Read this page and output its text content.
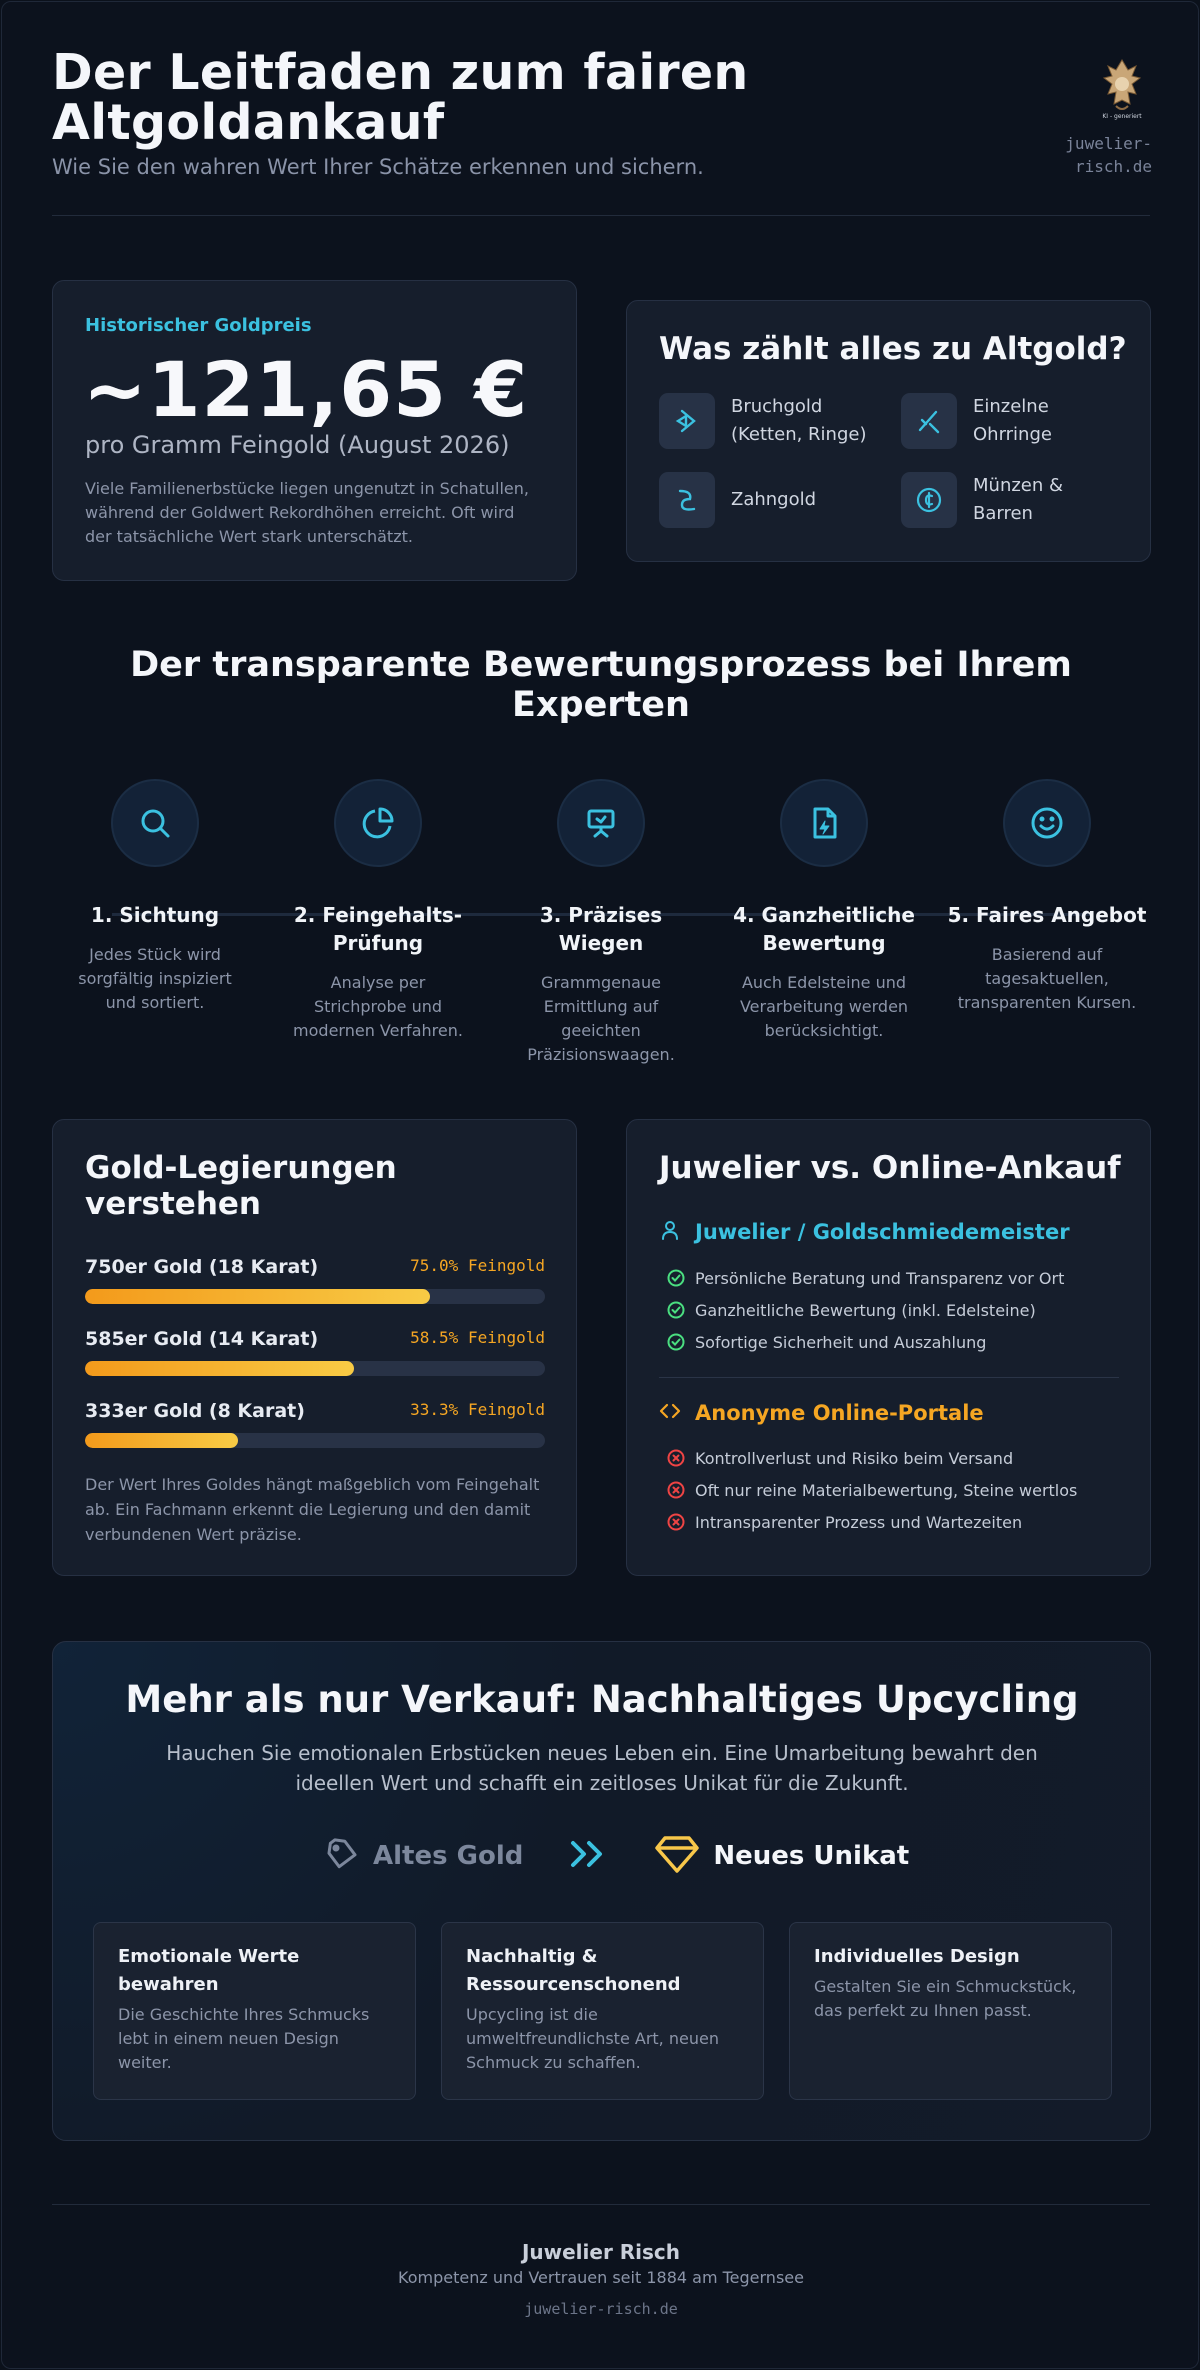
Der Leitfaden zum fairen Altgoldankauf
Wie Sie den wahren Wert Ihrer Schätze erkennen und sichern.
KI - generiert
juwelier-risch.de
Historischer Goldpreis
~121,65 €
pro Gramm Feingold (August 2026)
Viele Familienerbstücke liegen ungenutzt in Schatullen, während der Goldwert Rekordhöhen erreicht. Oft wird der tatsächliche Wert stark unterschätzt.
Was zählt alles zu Altgold?
Bruchgold (Ketten, Ringe)
Einzelne Ohrringe
Zahngold
Münzen & Barren
Der transparente Bewertungsprozess bei Ihrem Experten
1. Sichtung
Jedes Stück wird sorgfältig inspiziert und sortiert.
2. Feingehalts-Prüfung
Analyse per Strichprobe und modernen Verfahren.
3. Präzises Wiegen
Grammgenaue Ermittlung auf geeichten Präzisionswaagen.
4. Ganzheitliche Bewertung
Auch Edelsteine und Verarbeitung werden berücksichtigt.
5. Faires Angebot
Basierend auf tagesaktuellen, transparenten Kursen.
Gold-Legierungen verstehen
750er Gold (18 Karat)	75.0% Feingold
585er Gold (14 Karat)	58.5% Feingold
333er Gold (8 Karat)	33.3% Feingold
Der Wert Ihres Goldes hängt maßgeblich vom Feingehalt ab. Ein Fachmann erkennt die Legierung und den damit verbundenen Wert präzise.
Juwelier vs. Online-Ankauf
Juwelier / Goldschmiedemeister
Persönliche Beratung und Transparenz vor Ort
Ganzheitliche Bewertung (inkl. Edelsteine)
Sofortige Sicherheit und Auszahlung
Anonyme Online-Portale
Kontrollverlust und Risiko beim Versand
Oft nur reine Materialbewertung, Steine wertlos
Intransparenter Prozess und Wartezeiten
Mehr als nur Verkauf: Nachhaltiges Upcycling
Hauchen Sie emotionalen Erbstücken neues Leben ein. Eine Umarbeitung bewahrt den ideellen Wert und schafft ein zeitloses Unikat für die Zukunft.
Altes Gold	Neues Unikat
Emotionale Werte bewahren
Die Geschichte Ihres Schmucks lebt in einem neuen Design weiter.
Nachhaltig & Ressourcenschonend
Upcycling ist die umweltfreundlichste Art, neuen Schmuck zu schaffen.
Individuelles Design
Gestalten Sie ein Schmuckstück, das perfekt zu Ihnen passt.
Juwelier Risch
Kompetenz und Vertrauen seit 1884 am Tegernsee
juwelier-risch.de
